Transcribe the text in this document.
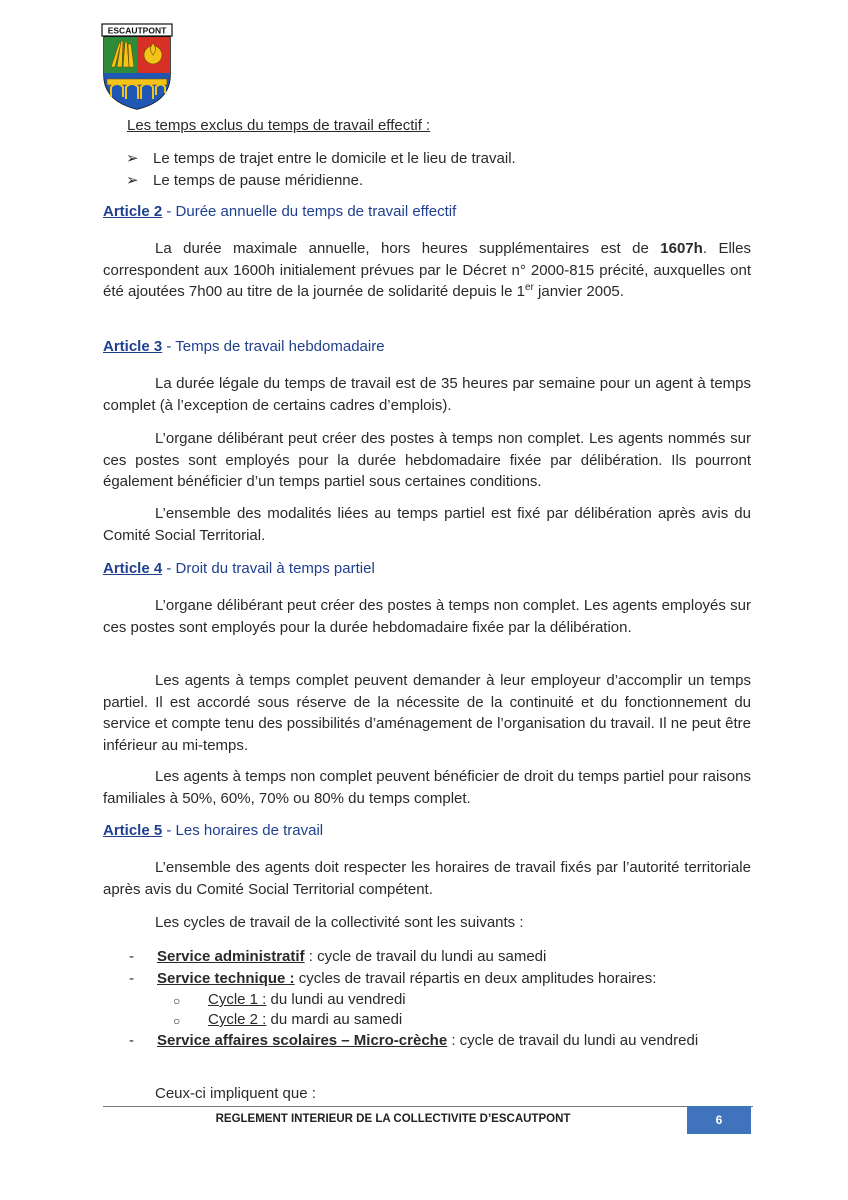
ESCAUTPONT
Les temps exclus du temps de travail effectif :
➢ Le temps de trajet entre le domicile et le lieu de travail.
➢ Le temps de pause méridienne.
Article 2 - Durée annuelle du temps de travail effectif

La durée maximale annuelle, hors heures supplémentaires est de 1607h. Elles correspondent aux 1600h initialement prévues par le Décret n° 2000-815 précité, auxquelles ont été ajoutées 7h00 au titre de la journée de solidarité depuis le 1er janvier 2005.

Article 3 - Temps de travail hebdomadaire

La durée légale du temps de travail est de 35 heures par semaine pour un agent à temps complet (à l’exception de certains cadres d’emplois).

L’organe délibérant peut créer des postes à temps non complet. Les agents nommés sur ces postes sont employés pour la durée hebdomadaire fixée par délibération. Ils pourront également bénéficier d’un temps partiel sous certaines conditions.

L’ensemble des modalités liées au temps partiel est fixé par délibération après avis du Comité Social Territorial.

Article 4 - Droit du travail à temps partiel

L’organe délibérant peut créer des postes à temps non complet. Les agents employés sur ces postes sont employés pour la durée hebdomadaire fixée par la délibération.

Les agents à temps complet peuvent demander à leur employeur d’accomplir un temps partiel. Il est accordé sous réserve de la nécessite de la continuité et du fonctionnement du service et compte tenu des possibilités d’aménagement de l’organisation du travail. Il ne peut être inférieur au mi-temps.

Les agents à temps non complet peuvent bénéficier de droit du temps partiel pour raisons familiales à 50%, 60%, 70% ou 80% du temps complet.

Article 5 - Les horaires de travail

L’ensemble des agents doit respecter les horaires de travail fixés par l’autorité territoriale après avis du Comité Social Territorial compétent.

Les cycles de travail de la collectivité sont les suivants :

- Service administratif : cycle de travail du lundi au samedi
- Service technique : cycles de travail répartis en deux amplitudes horaires:
○ Cycle 1 : du lundi au vendredi
○ Cycle 2 : du mardi au samedi
- Service affaires scolaires – Micro-crèche : cycle de travail du lundi au vendredi

Ceux-ci impliquent que :

REGLEMENT INTERIEUR DE LA COLLECTIVITE D’ESCAUTPONT	6
